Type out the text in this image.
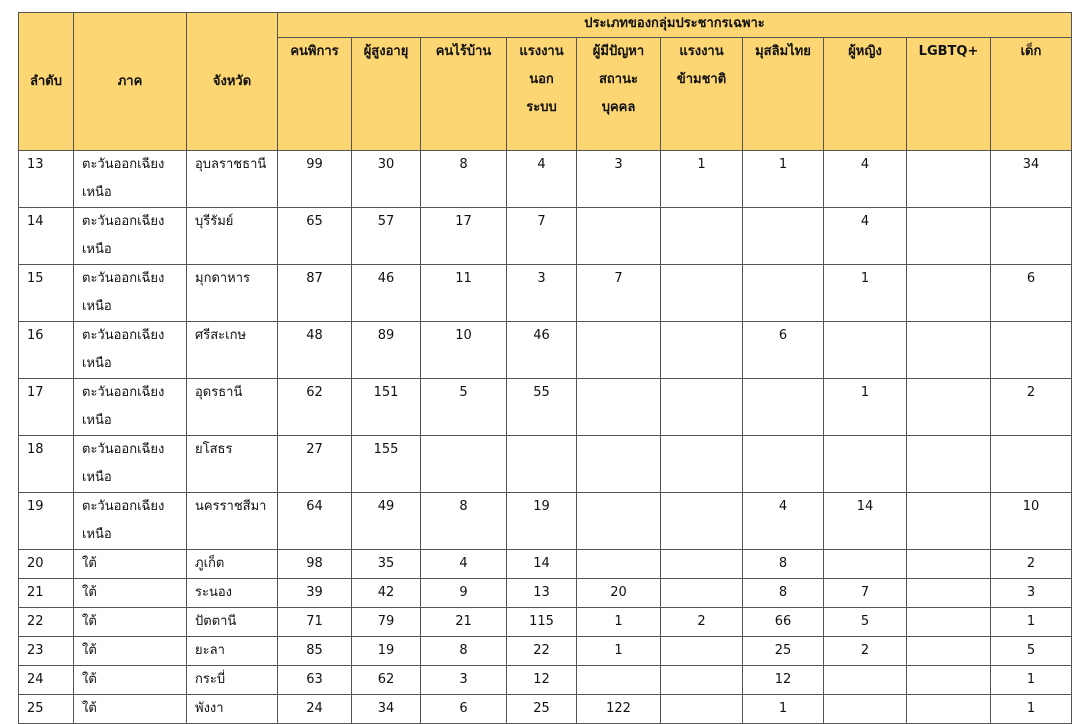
ลำดับ	ภาค	จังหวัด	ประเภทของกลุ่มประชากรเฉพาะ									

			คนพิการ	ผู้สูงอายุ	คนไร้บ้าน	แรงงาน
นอก
ระบบ	ผู้มีปัญหา
สถานะ
บุคคล	แรงงาน
ข้ามชาติ	มุสลิมไทย	ผู้หญิง	LGBTQ+	เด็ก

13	ตะวันออกเฉียง
เหนือ	อุบลราชธานี	99	30	8	4	3	1	1	4		34
14	ตะวันออกเฉียง
เหนือ	บุรีรัมย์	65	57	17	7				4		
15	ตะวันออกเฉียง
เหนือ	มุกดาหาร	87	46	11	3	7			1		6
16	ตะวันออกเฉียง
เหนือ	ศรีสะเกษ	48	89	10	46			6			
17	ตะวันออกเฉียง
เหนือ	อุดรธานี	62	151	5	55				1		2
18	ตะวันออกเฉียง
เหนือ	ยโสธร	27	155								
19	ตะวันออกเฉียง
เหนือ	นครราชสีมา	64	49	8	19			4	14		10
20	ใต้	ภูเก็ต	98	35	4	14			8			2
21	ใต้	ระนอง	39	42	9	13	20		8	7		3
22	ใต้	ปัตตานี	71	79	21	115	1	2	66	5		1
23	ใต้	ยะลา	85	19	8	22	1		25	2		5
24	ใต้	กระบี่	63	62	3	12			12			1
25	ใต้	พังงา	24	34	6	25	122		1			1
